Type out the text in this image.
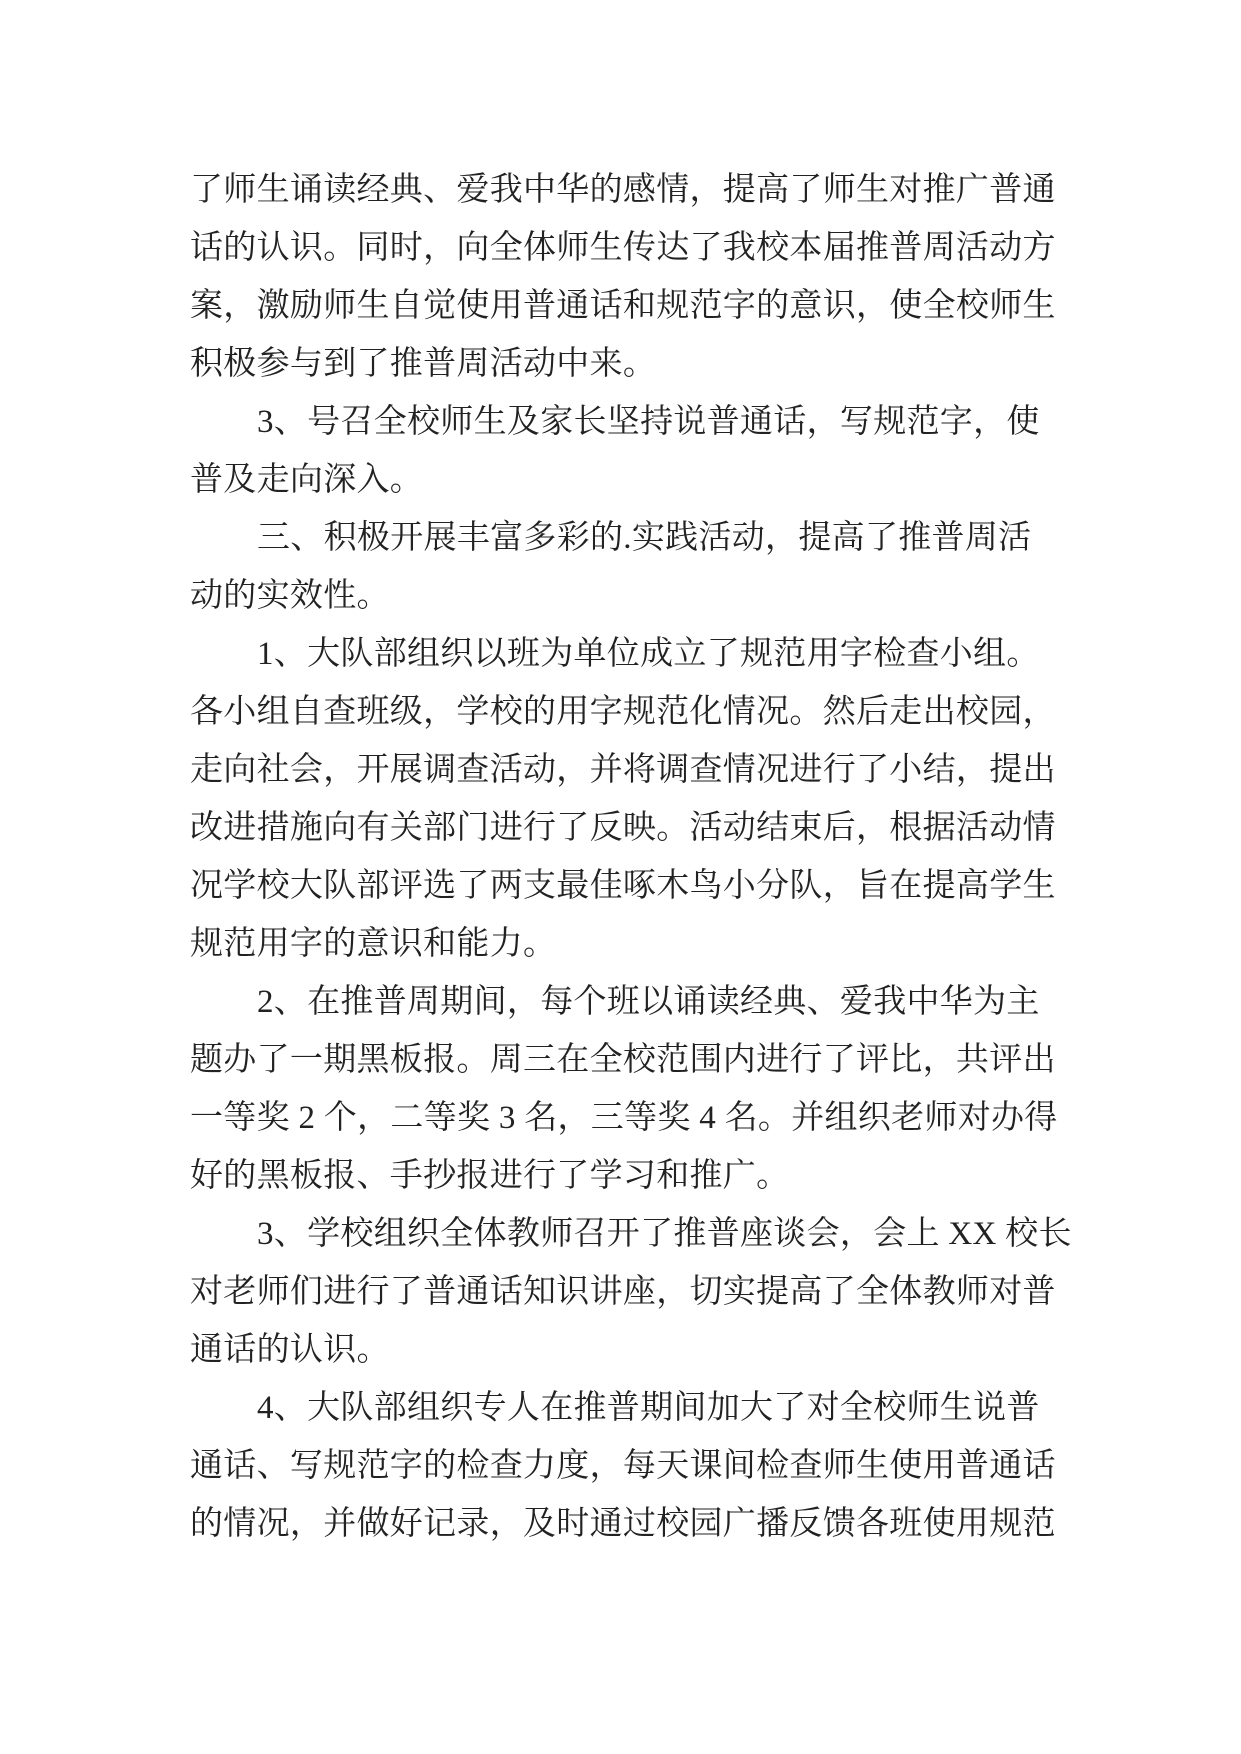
了师生诵读经典、爱我中华的感情，提高了师生对推广普通
话的认识。同时，向全体师生传达了我校本届推普周活动方
案，激励师生自觉使用普通话和规范字的意识，使全校师生
积极参与到了推普周活动中来。
3、号召全校师生及家长坚持说普通话，写规范字，使
普及走向深入。
三、积极开展丰富多彩的.实践活动，提高了推普周活
动的实效性。
1、大队部组织以班为单位成立了规范用字检查小组。
各小组自查班级，学校的用字规范化情况。然后走出校园，
走向社会，开展调查活动，并将调查情况进行了小结，提出
改进措施向有关部门进行了反映。活动结束后，根据活动情
况学校大队部评选了两支最佳啄木鸟小分队，旨在提高学生
规范用字的意识和能力。
2、在推普周期间，每个班以诵读经典、爱我中华为主
题办了一期黑板报。周三在全校范围内进行了评比，共评出
一等奖 2 个，二等奖 3 名，三等奖 4 名。并组织老师对办得
好的黑板报、手抄报进行了学习和推广。
3、学校组织全体教师召开了推普座谈会，会上 XX 校长
对老师们进行了普通话知识讲座，切实提高了全体教师对普
通话的认识。
4、大队部组织专人在推普期间加大了对全校师生说普
通话、写规范字的检查力度，每天课间检查师生使用普通话
的情况，并做好记录，及时通过校园广播反馈各班使用规范
